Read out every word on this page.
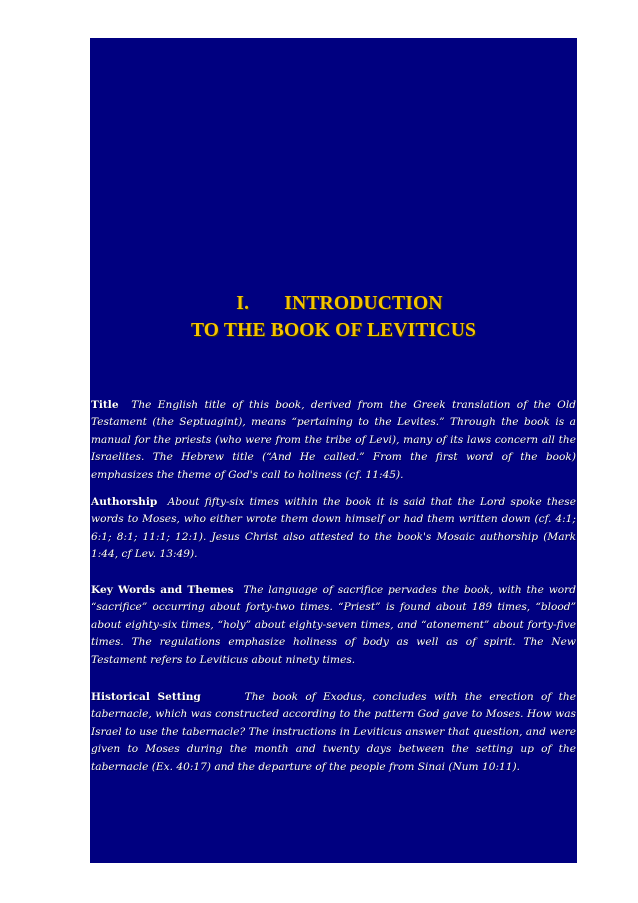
I. INTRODUCTION
TO THE BOOK OF LEVITICUS
Title The English title of this book, derived from the Greek translation of the Old Testament (the Septuagint), means “pertaining to the Levites.” Through the book is a manual for the priests (who were from the tribe of Levi), many of its laws concern all the Israelites. The Hebrew title (“And He called.” From the first word of the book) emphasizes the theme of God's call to holiness (cf. 11:45).
Authorship About fifty-six times within the book it is said that the Lord spoke these words to Moses, who either wrote them down himself or had them written down (cf. 4:1; 6:1; 8:1; 11:1; 12:1). Jesus Christ also attested to the book's Mosaic authorship (Mark 1:44, cf Lev. 13:49).
Key Words and Themes The language of sacrifice pervades the book, with the word “sacrifice” occurring about forty-two times. “Priest” is found about 189 times, “blood” about eighty-six times, “holy” about eighty-seven times, and “atonement” about forty-five times. The regulations emphasize holiness of body as well as of spirit. The New Testament refers to Leviticus about ninety times.
Historical Setting	The book of Exodus, concludes with the erection of the tabernacle, which was constructed according to the pattern God gave to Moses. How was Israel to use the tabernacle? The instructions in Leviticus answer that question, and were given to Moses during the month and twenty days between the setting up of the tabernacle (Ex. 40:17) and the departure of the people from Sinai (Num 10:11).
